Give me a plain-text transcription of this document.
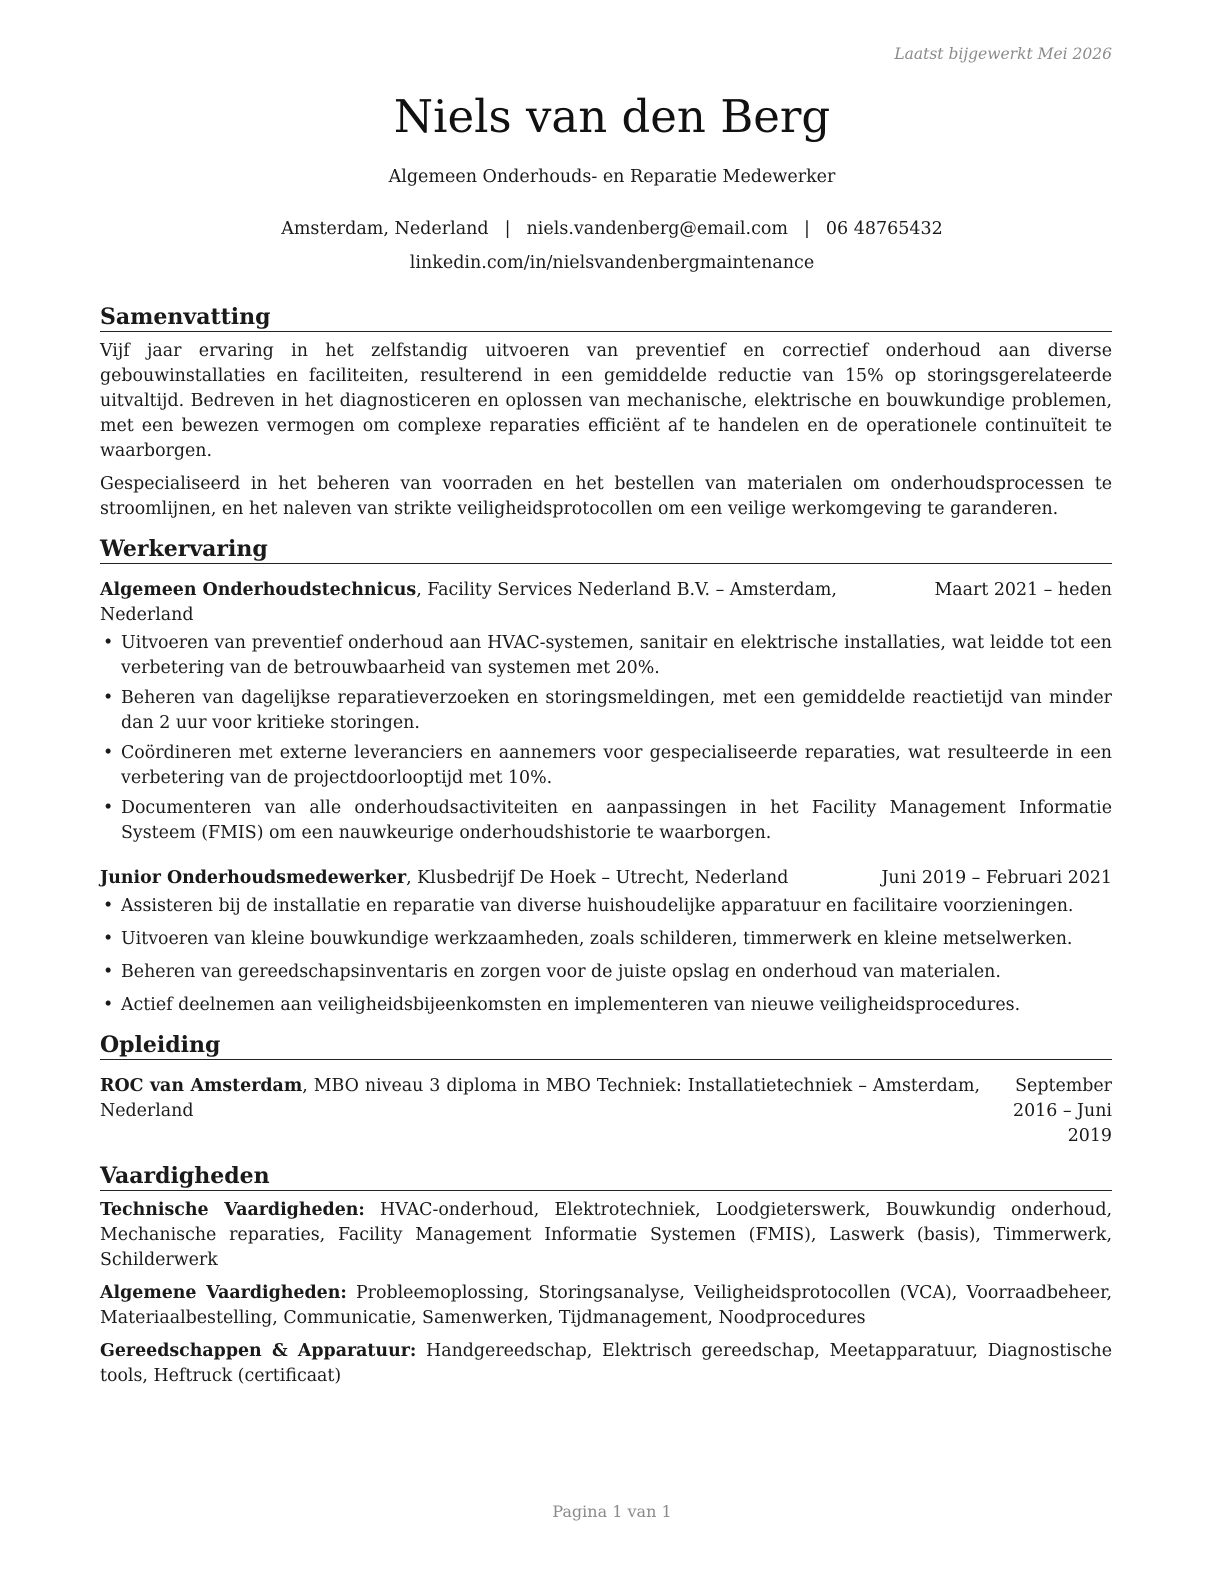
Laatst bijgewerkt Mei 2026
Niels van den Berg
Algemeen Onderhouds- en Reparatie Medewerker
Amsterdam, Nederland | niels.vandenberg@email.com | 06 48765432
linkedin.com/in/nielsvandenbergmaintenance
Samenvatting

Vijf jaar ervaring in het zelfstandig uitvoeren van preventief en correctief onderhoud aan diverse gebouwinstallaties en faciliteiten, resulterend in een gemiddelde reductie van 15% op storingsgerelateerde uitvaltijd. Bedreven in het diagnosticeren en oplossen van mechanische, elektrische en bouwkundige problemen, met een bewezen vermogen om complexe reparaties efficiënt af te handelen en de operationele continuïteit te waarborgen.

Gespecialiseerd in het beheren van voorraden en het bestellen van materialen om onderhoudsprocessen te stroomlijnen, en het naleven van strikte veiligheidsprotocollen om een veilige werkomgeving te garanderen.

Werkervaring
Algemeen Onderhoudstechnicus, Facility Services Nederland B.V. – Amsterdam, Nederland
Maart 2021 – heden
• Uitvoeren van preventief onderhoud aan HVAC-systemen, sanitair en elektrische installaties, wat leidde tot een verbetering van de betrouwbaarheid van systemen met 20%.
• Beheren van dagelijkse reparatieverzoeken en storingsmeldingen, met een gemiddelde reactietijd van minder dan 2 uur voor kritieke storingen.
• Coördineren met externe leveranciers en aannemers voor gespecialiseerde reparaties, wat resulteerde in een verbetering van de projectdoorlooptijd met 10%.
• Documenteren van alle onderhoudsactiviteiten en aanpassingen in het Facility Management Informatie Systeem (FMIS) om een nauwkeurige onderhoudshistorie te waarborgen.
Junior Onderhoudsmedewerker, Klusbedrijf De Hoek – Utrecht, Nederland	Juni 2019 – Februari 2021
• Assisteren bij de installatie en reparatie van diverse huishoudelijke apparatuur en facilitaire voorzieningen.
• Uitvoeren van kleine bouwkundige werkzaamheden, zoals schilderen, timmerwerk en kleine metselwerken.
• Beheren van gereedschapsinventaris en zorgen voor de juiste opslag en onderhoud van materialen.
• Actief deelnemen aan veiligheidsbijeenkomsten en implementeren van nieuwe veiligheidsprocedures.
Opleiding
ROC van Amsterdam, MBO niveau 3 diploma in MBO Techniek: Installatietechniek – Amsterdam, Nederland
September 2016 – Juni 2019
Vaardigheden
Technische Vaardigheden: HVAC-onderhoud, Elektrotechniek, Loodgieterswerk, Bouwkundig onderhoud, Mechanische reparaties, Facility Management Informatie Systemen (FMIS), Laswerk (basis), Timmerwerk, Schilderwerk
Algemene Vaardigheden: Probleemoplossing, Storingsanalyse, Veiligheidsprotocollen (VCA), Voorraadbeheer, Materiaalbestelling, Communicatie, Samenwerken, Tijdmanagement, Noodprocedures
Gereedschappen & Apparatuur: Handgereedschap, Elektrisch gereedschap, Meetapparatuur, Diagnostische tools, Heftruck (certificaat)
Pagina 1 van 1
